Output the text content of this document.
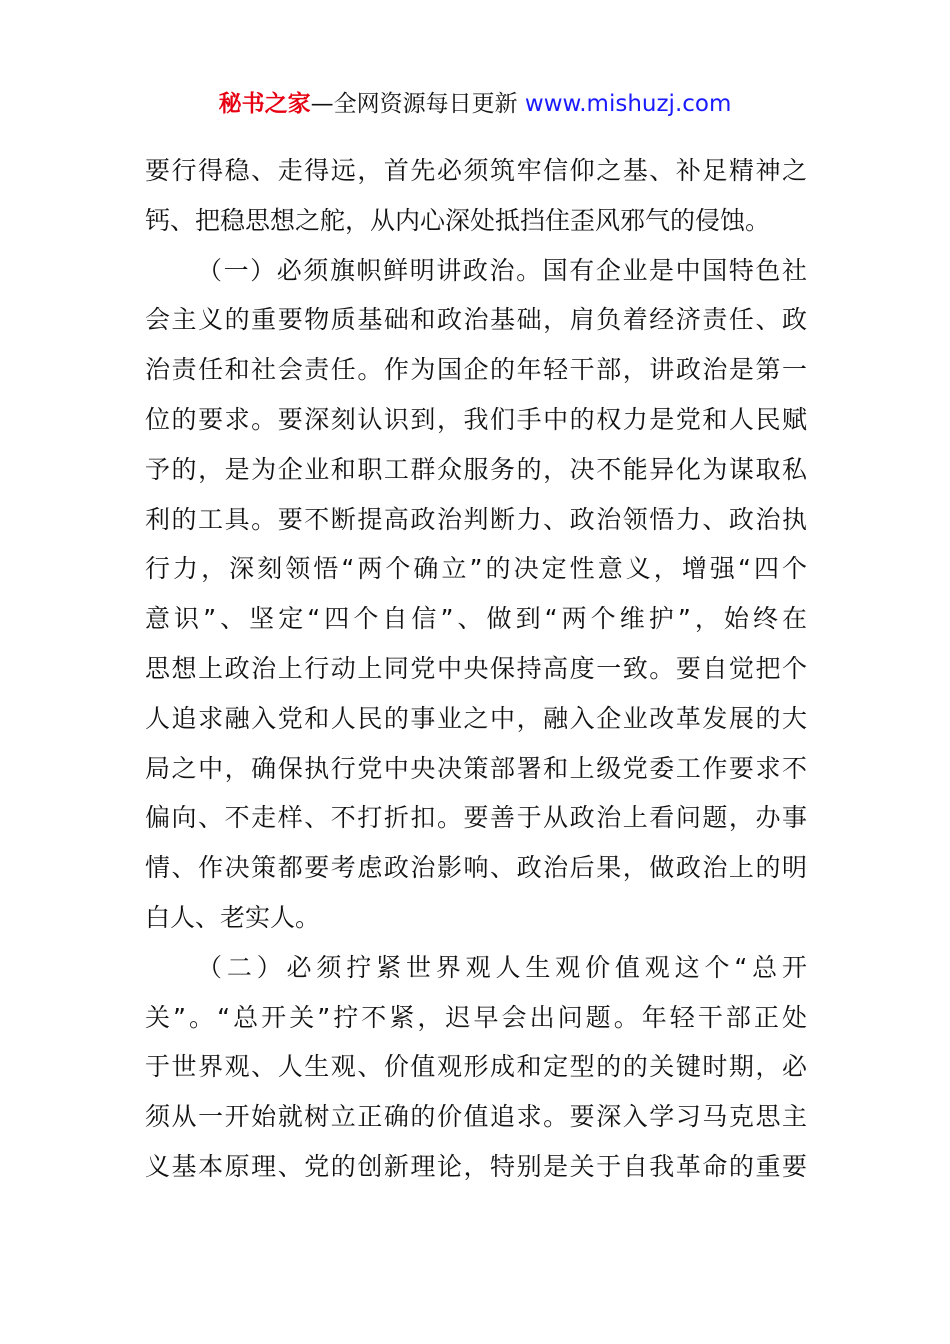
秘书之家—全网资源每日更新 www.mishuzj.com
要行得稳、走得远，首先必须筑牢信仰之基、补足精神之
钙、把稳思想之舵，从内心深处抵挡住歪风邪气的侵蚀。
（一）必须旗帜鲜明讲政治。国有企业是中国特色社
会主义的重要物质基础和政治基础，肩负着经济责任、政
治责任和社会责任。作为国企的年轻干部，讲政治是第一
位的要求。要深刻认识到，我们手中的权力是党和人民赋
予的，是为企业和职工群众服务的，决不能异化为谋取私
利的工具。要不断提高政治判断力、政治领悟力、政治执
行力，深刻领悟“两个确立”的决定性意义，增强“四个
意识”、坚定“四个自信”、做到“两个维护”，始终在
思想上政治上行动上同党中央保持高度一致。要自觉把个
人追求融入党和人民的事业之中，融入企业改革发展的大
局之中，确保执行党中央决策部署和上级党委工作要求不
偏向、不走样、不打折扣。要善于从政治上看问题，办事
情、作决策都要考虑政治影响、政治后果，做政治上的明
白人、老实人。
（二）必须拧紧世界观人生观价值观这个“总开
关”。“总开关”拧不紧，迟早会出问题。年轻干部正处
于世界观、人生观、价值观形成和定型的的关键时期，必
须从一开始就树立正确的价值追求。要深入学习马克思主
义基本原理、党的创新理论，特别是关于自我革命的重要
